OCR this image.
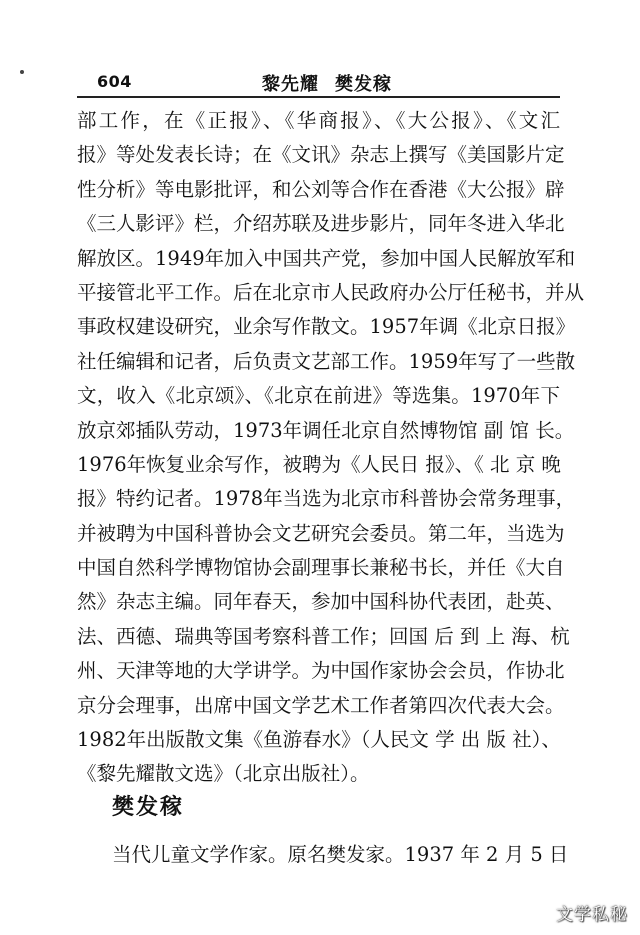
604	黎先耀 樊发稼
部工作，在《正报》、《华商报》、《大公报》、《文汇
报》等处发表长诗；在《文讯》杂志上撰写《美国影片定
性分析》等电影批评，和公刘等合作在香港《大公报》辟
《三人影评》栏，介绍苏联及进步影片，同年冬进入华北
解放区。1949年加入中国共产党，参加中国人民解放军和
平接管北平工作。后在北京市人民政府办公厅任秘书，并从
事政权建设研究，业余写作散文。1957年调《北京日报》
社任编辑和记者，后负责文艺部工作。1959年写了一些散
文，收入《北京颂》、《北京在前进》等选集。1970年下
放京郊插队劳动，1973年调任北京自然博物馆 副 馆 长。
1976年恢复业余写作，被聘为《人民日 报》、《 北 京 晚
报》特约记者。1978年当选为北京市科普协会常务理事，
并被聘为中国科普协会文艺研究会委员。第二年，当选为
中国自然科学博物馆协会副理事长兼秘书长，并任《大自
然》杂志主编。同年春天，参加中国科协代表团，赴英、
法、西德、瑞典等国考察科普工作；回国 后 到 上 海、杭
州、天津等地的大学讲学。为中国作家协会会员，作协北
京分会理事，出席中国文学艺术工作者第四次代表大会。
1982年出版散文集《鱼游春水》（人民文 学 出 版 社）、
《黎先耀散文选》（北京出版社）。
樊发稼
当代儿童文学作家。原名樊发家。1937 年 2 月 5 日
文学私秘
